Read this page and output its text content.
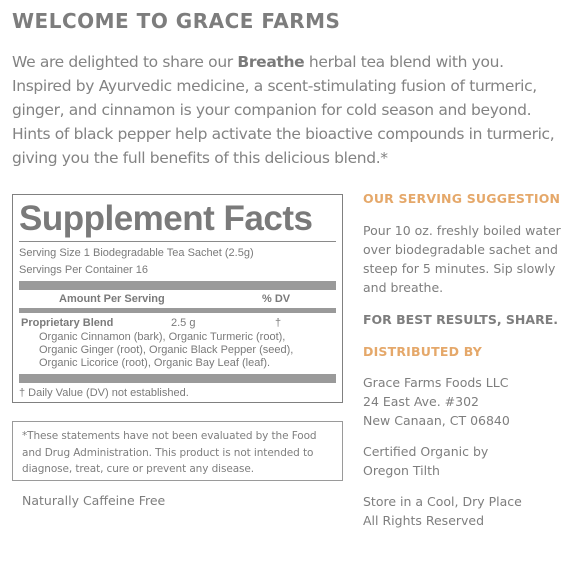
WELCOME TO GRACE FARMS

We are delighted to share our Breathe herbal tea blend with you. Inspired by Ayurvedic medicine, a scent-stimulating fusion of turmeric, ginger, and cinnamon is your companion for cold season and beyond. Hints of black pepper help activate the bioactive compounds in turmeric, giving you the full benefits of this delicious blend.*

Supplement Facts
Serving Size 1 Biodegradable Tea Sachet (2.5g)
Servings Per Container 16
Amount Per Serving	% DV
Proprietary Blend	2.5 g	†
Organic Cinnamon (bark), Organic Turmeric (root),
Organic Ginger (root), Organic Black Pepper (seed),
Organic Licorice (root), Organic Bay Leaf (leaf).
† Daily Value (DV) not established.
*These statements have not been evaluated by the Food and Drug Administration. This product is not intended to diagnose, treat, cure or prevent any disease.
Naturally Caffeine Free
OUR SERVING SUGGESTION

Pour 10 oz. freshly boiled water over biodegradable sachet and steep for 5 minutes. Sip slowly and breathe.

FOR BEST RESULTS, SHARE.

DISTRIBUTED BY

Grace Farms Foods LLC
24 East Ave. #302
New Canaan, CT 06840

Certified Organic by
Oregon Tilth

Store in a Cool, Dry Place
All Rights Reserved
